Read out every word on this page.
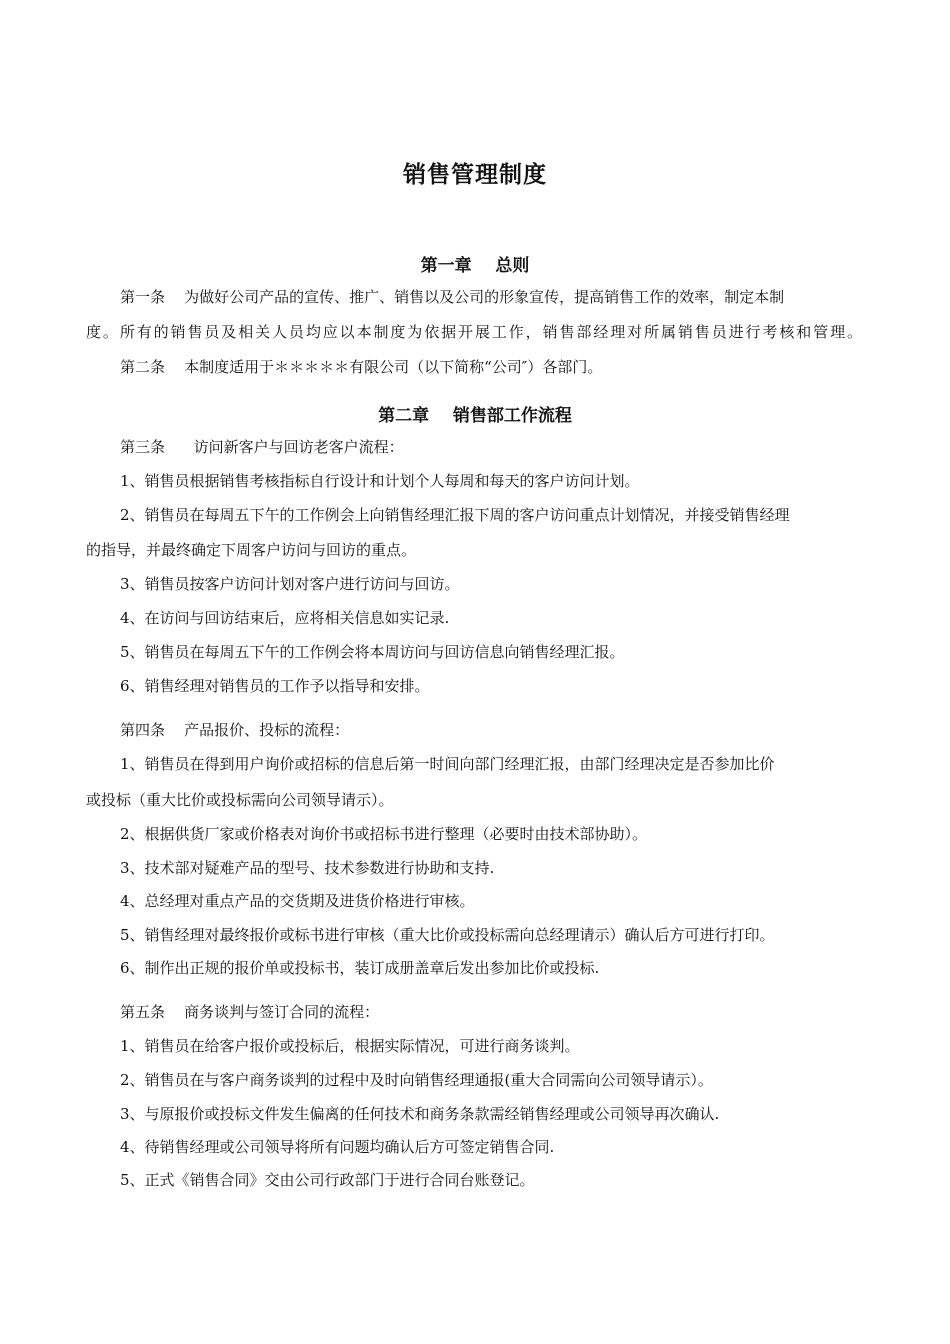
销售管理制度
第一章    总则
第一条    为做好公司产品的宣传、推广、销售以及公司的形象宣传，提高销售工作的效率，制定本制
度。所有的销售员及相关人员均应以本制度为依据开展工作，销售部经理对所属销售员进行考核和管理。
第二条    本制度适用于＊＊＊＊＊有限公司（以下简称“公司″）各部门。
第二章    销售部工作流程
第三条      访问新客户与回访老客户流程：
1、销售员根据销售考核指标自行设计和计划个人每周和每天的客户访问计划。
2、销售员在每周五下午的工作例会上向销售经理汇报下周的客户访问重点计划情况，并接受销售经理
的指导，并最终确定下周客户访问与回访的重点。
3、销售员按客户访问计划对客户进行访问与回访。
4、在访问与回访结束后，应将相关信息如实记录.
5、销售员在每周五下午的工作例会将本周访问与回访信息向销售经理汇报。
6、销售经理对销售员的工作予以指导和安排。
第四条    产品报价、投标的流程：
1、销售员在得到用户询价或招标的信息后第一时间向部门经理汇报，由部门经理决定是否参加比价
或投标（重大比价或投标需向公司领导请示）。
2、根据供货厂家或价格表对询价书或招标书进行整理（必要时由技术部协助）。
3、技术部对疑难产品的型号、技术参数进行协助和支持.
4、总经理对重点产品的交货期及进货价格进行审核。
5、销售经理对最终报价或标书进行审核（重大比价或投标需向总经理请示）确认后方可进行打印。
6、制作出正规的报价单或投标书，装订成册盖章后发出参加比价或投标.
第五条    商务谈判与签订合同的流程：
1、销售员在给客户报价或投标后，根据实际情况，可进行商务谈判。
2、销售员在与客户商务谈判的过程中及时向销售经理通报(重大合同需向公司领导请示）。
3、与原报价或投标文件发生偏离的任何技术和商务条款需经销售经理或公司领导再次确认.
4、待销售经理或公司领导将所有问题均确认后方可签定销售合同.
5、正式《销售合同》交由公司行政部门于进行合同台账登记。
